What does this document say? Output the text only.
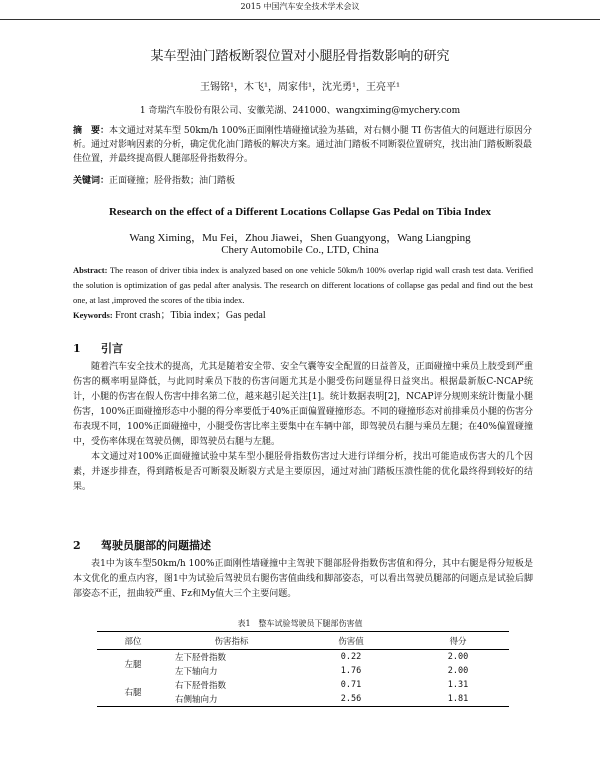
2015 中国汽车安全技术学术会议
某车型油门踏板断裂位置对小腿胫骨指数影响的研究
王锡铭¹，木飞¹，周家伟¹，沈光勇¹，王亮平¹
1 奇瑞汽车股份有限公司、安徽芜湖、241000、wangximing@mychery.com
摘　要：本文通过对某车型 50km/h 100%正面刚性墙碰撞试验为基础，对右侧小腿 TI 伤害值大的问题进行原因分析。通过对影响因素的分析，确定优化油门踏板的解决方案。通过油门踏板不同断裂位置研究，找出油门踏板断裂最佳位置，并最终提高假人腿部胫骨指数得分。
关键词：正面碰撞；胫骨指数；油门踏板
Research on the effect of a Different Locations Collapse Gas Pedal on Tibia Index
Wang Ximing，Mu Fei，Zhou Jiawei，Shen Guangyong，Wang Liangping
Chery Automobile Co., LTD, China
Abstract: The reason of driver tibia index is analyzed based on one vehicle 50km/h 100% overlap rigid wall crash test data. Verified the solution is optimization of gas pedal after analysis. The research on different locations of collapse gas pedal and find out the best one, at last ,improved the scores of the tibia index.
Keywords: Front crash；Tibia index；Gas pedal
1 引言

随着汽车安全技术的提高，尤其是随着安全带、安全气囊等安全配置的日益普及，正面碰撞中乘员上肢受到严重伤害的概率明显降低，与此同时乘员下肢的伤害问题尤其是小腿受伤问题显得日益突出。根据最新版C-NCAP统计，小腿的伤害在假人伤害中排名第二位，越来越引起关注[1]。统计数据表明[2]，NCAP评分规则来统计衡量小腿伤害，100%正面碰撞形态中小腿的得分率要低于40%正面偏置碰撞形态。不同的碰撞形态对前排乘员小腿的伤害分布表现不同，100%正面碰撞中，小腿受伤害比率主要集中在车辆中部，即驾驶员右腿与乘员左腿；在40%偏置碰撞中，受伤率体现在驾驶员侧，即驾驶员右腿与左腿。

本文通过对100%正面碰撞试验中某车型小腿胫骨指数伤害过大进行详细分析，找出可能造成伤害大的几个因素，并逐步排查，得到踏板是否可断裂及断裂方式是主要原因，通过对油门踏板压溃性能的优化最终得到较好的结果。

2 驾驶员腿部的问题描述

表1中为该车型50km/h 100%正面刚性墙碰撞中主驾驶下腿部胫骨指数伤害值和得分，其中右腿是得分短板是本文优化的重点内容，图1中为试验后驾驶员右腿伤害值曲线和脚部姿态，可以看出驾驶员腿部的问题点是试验后脚部姿态不正，扭曲较严重、Fz和My值大三个主要问题。

表1　整车试验驾驶员下腿部伤害值
部位	伤害指标	伤害值	得分
左腿	左下胫骨指数	0.22	2.00
	左下轴向力	1.76	2.00
右腿	右下胫骨指数	0.71	1.31
	右侧轴向力	2.56	1.81
